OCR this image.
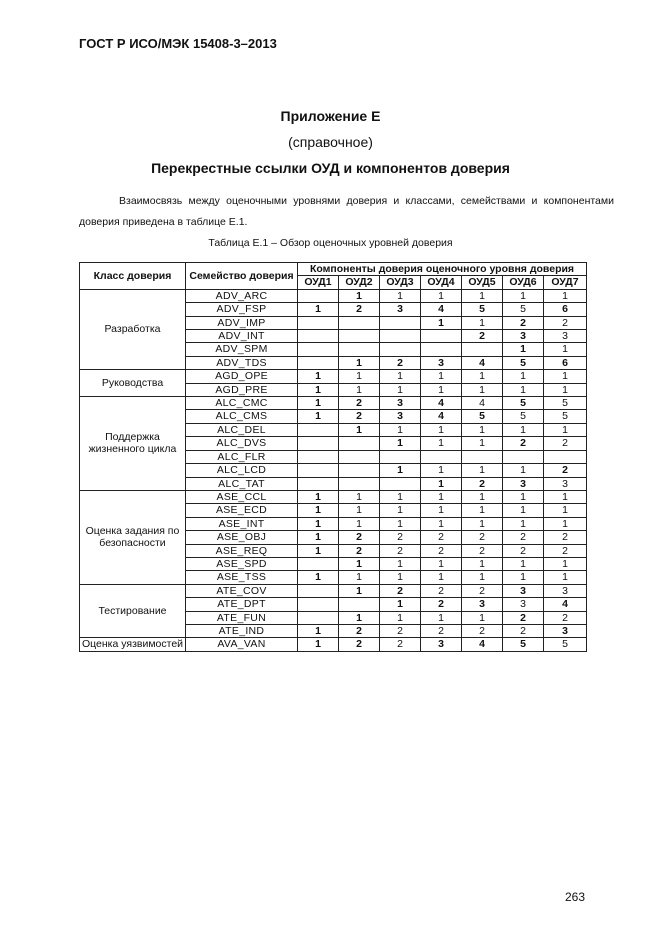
ГОСТ Р ИСО/МЭК 15408-3–2013
Приложение Е
(справочное)
Перекрестные ссылки ОУД и компонентов доверия
Взаимосвязь между оценочными уровнями доверия и классами, семействами и компонентами доверия приведена в таблице Е.1.
Таблица Е.1 – Обзор оценочных уровней доверия
Класс доверия	Семейство доверия	Компоненты доверия оценочного уровня доверия						
		ОУД1	ОУД2	ОУД3	ОУД4	ОУД5	ОУД6	ОУД7
Разработка	ADV_ARC		1	1	1	1	1	1
	ADV_FSP	1	2	3	4	5	5	6
	ADV_IMP				1	1	2	2
	ADV_INT					2	3	3
	ADV_SPM						1	1
	ADV_TDS		1	2	3	4	5	6
Руководства	AGD_OPE	1	1	1	1	1	1	1
	AGD_PRE	1	1	1	1	1	1	1
Поддержка жизненного цикла	ALC_CMC	1	2	3	4	4	5	5
	ALC_CMS	1	2	3	4	5	5	5
	ALC_DEL		1	1	1	1	1	1
	ALC_DVS			1	1	1	2	2
	ALC_FLR							
	ALC_LCD			1	1	1	1	2
	ALC_TAT				1	2	3	3
Оценка задания по безопасности	ASE_CCL	1	1	1	1	1	1	1
	ASE_ECD	1	1	1	1	1	1	1
	ASE_INT	1	1	1	1	1	1	1
	ASE_OBJ	1	2	2	2	2	2	2
	ASE_REQ	1	2	2	2	2	2	2
	ASE_SPD		1	1	1	1	1	1
	ASE_TSS	1	1	1	1	1	1	1
Тестирование	ATE_COV		1	2	2	2	3	3
	ATE_DPT			1	2	3	3	4
	ATE_FUN		1	1	1	1	2	2
	ATE_IND	1	2	2	2	2	2	3
Оценка уязвимостей	AVA_VAN	1	2	2	3	4	5	5
263
